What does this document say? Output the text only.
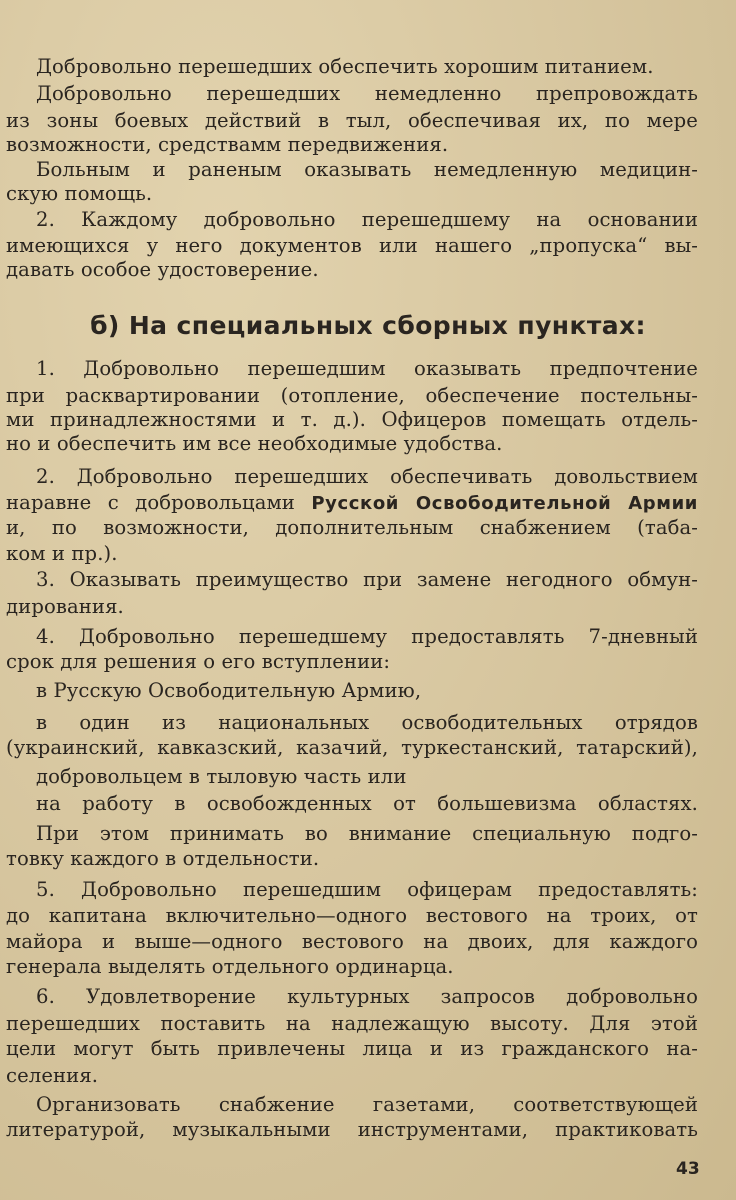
Добровольно перешедших обеспечить хорошим питанием.
Добровольно перешедших немедленно препровождать
из зоны боевых действий в тыл, обеспечивая их, по мере
возможности, средствамм передвижения.
Больным и раненым оказывать немедленную медицин-
скую помощь.
2. Каждому добровольно перешедшему на основании
имеющихся у него документов или нашего „пропуска“ вы-
давать особое удостоверение.
б) На специальных сборных пунктах:
1. Добровольно перешедшим оказывать предпочтение
при расквартировании (отопление, обеспечение постельны-
ми принадлежностями и т. д.). Офицеров помещать отдель-
но и обеспечить им все необходимые удобства.
2. Добровольно перешедших обеспечивать довольствием
наравне с добровольцами Русской Освободительной Армии
и, по возможности, дополнительным снабжением (таба-
ком и пр.).
3. Оказывать преимущество при замене негодного обмун-
дирования.
4. Добровольно перешедшему предоставлять 7-дневный
срок для решения о его вступлении:
в Русскую Освободительную Армию,
в один из национальных освободительных отрядов
(украинский, кавказский, казачий, туркестанский, татарский),
добровольцем в тыловую часть или
на работу в освобожденных от большевизма областях.
При этом принимать во внимание специальную подго-
товку каждого в отдельности.
5. Добровольно перешедшим офицерам предоставлять:
до капитана включительно—одного вестового на троих, от
майора и выше—одного вестового на двоих, для каждого
генерала выделять отдельного ординарца.
6. Удовлетворение культурных запросов добровольно
перешедших поставить на надлежащую высоту. Для этой
цели могут быть привлечены лица и из гражданского на-
селения.
Организовать снабжение газетами, соответствующей
литературой, музыкальными инструментами, практиковать
43
